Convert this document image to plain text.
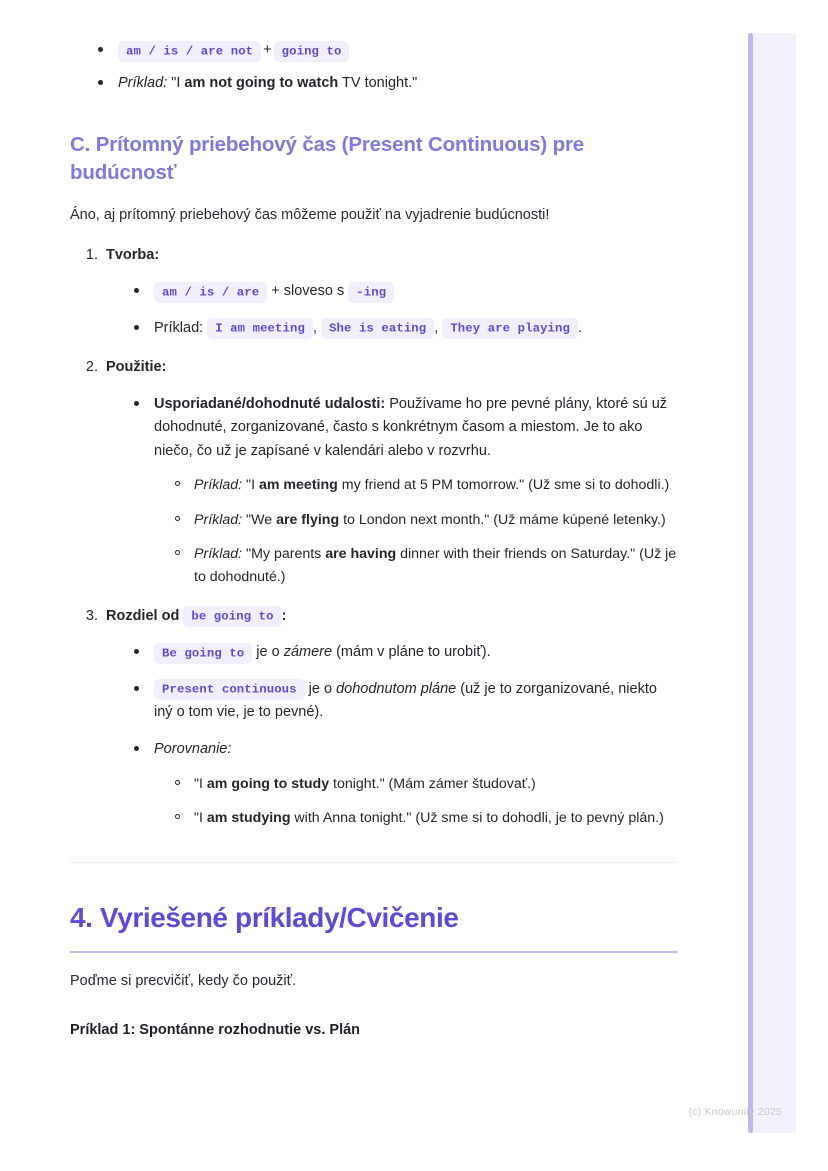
am / is / are not + going to
Príklad: "I am not going to watch TV tonight."
C. Prítomný priebehový čas (Present Continuous) pre budúcnosť

Áno, aj prítomný priebehový čas môžeme použiť na vyjadrenie budúcnosti!

1. Tvorba:
am / is / are + sloveso s -ing
Príklad: I am meeting , She is eating , They are playing .
2. Použitie:
Usporiadané/dohodnuté udalosti: Používame ho pre pevné plány, ktoré sú už dohodnuté, zorganizované, často s konkrétnym časom a miestom. Je to ako niečo, čo už je zapísané v kalendári alebo v rozvrhu.
Príklad: "I am meeting my friend at 5 PM tomorrow." (Už sme si to dohodli.)
Príklad: "We are flying to London next month." (Už máme kúpené letenky.)
Príklad: "My parents are having dinner with their friends on Saturday." (Už je to dohodnuté.)
3. Rozdiel od be going to :
Be going to je o zámere (mám v pláne to urobiť).
Present continuous je o dohodnutom pláne (už je to zorganizované, niekto iný o tom vie, je to pevné).
Porovnanie:
"I am going to study tonight." (Mám zámer študovať.)
"I am studying with Anna tonight." (Už sme si to dohodli, je to pevný plán.)
4. Vyriešené príklady/Cvičenie

Poďme si precvičiť, kedy čo použiť.

Príklad 1: Spontánne rozhodnutie vs. Plán

(c) Knowunity 2025
